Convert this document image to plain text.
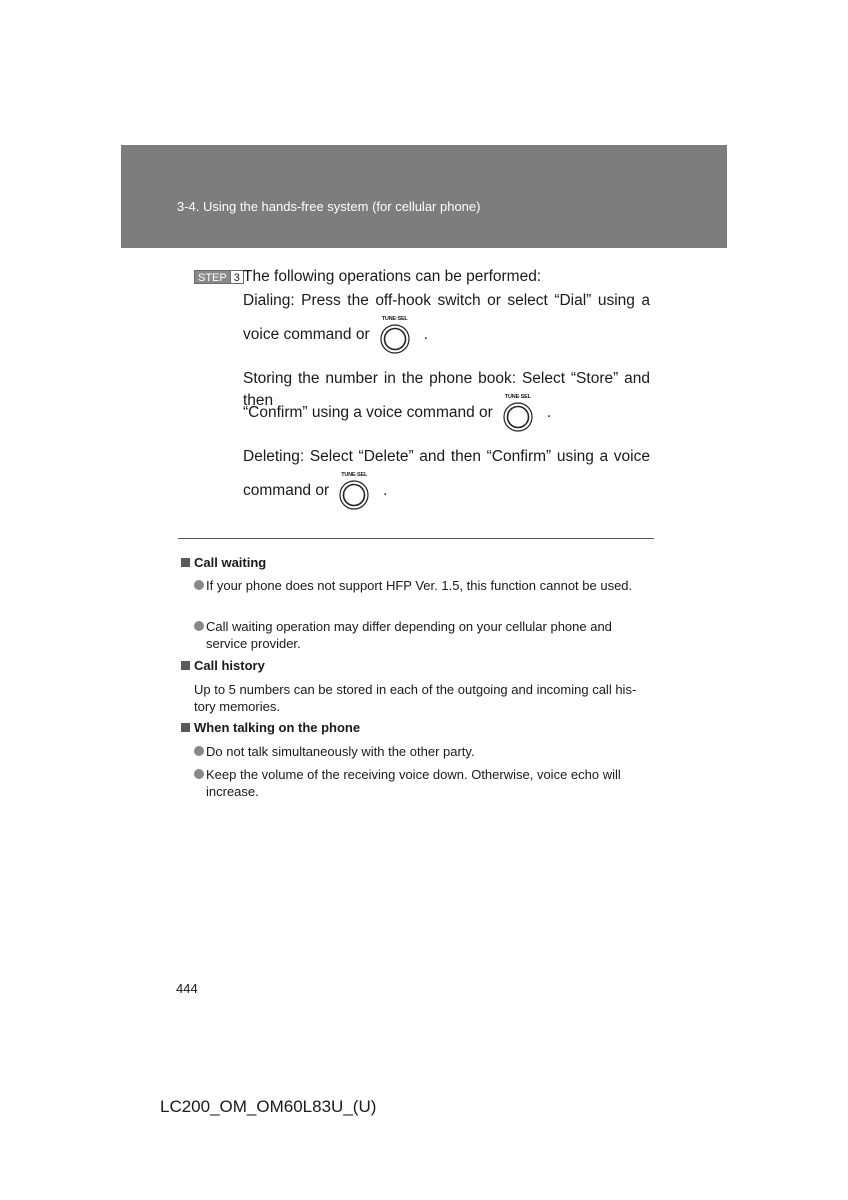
3-4. Using the hands-free system (for cellular phone)
STEP 3 The following operations can be performed:
Dialing: Press the off-hook switch or select “Dial” using a
voice command or
TUNE·SEL
.
Storing the number in the phone book: Select “Store” and then
“Confirm” using a voice command or
TUNE·SEL
.
Deleting: Select “Delete” and then “Confirm” using a voice
command or
TUNE·SEL
.
Call waiting
If your phone does not support HFP Ver. 1.5, this function cannot be used.
Call waiting operation may differ depending on your cellular phone and service provider.
Call history
Up to 5 numbers can be stored in each of the outgoing and incoming call his-tory memories.
When talking on the phone
Do not talk simultaneously with the other party.
Keep the volume of the receiving voice down. Otherwise, voice echo will increase.
444
LC200_OM_OM60L83U_(U)
